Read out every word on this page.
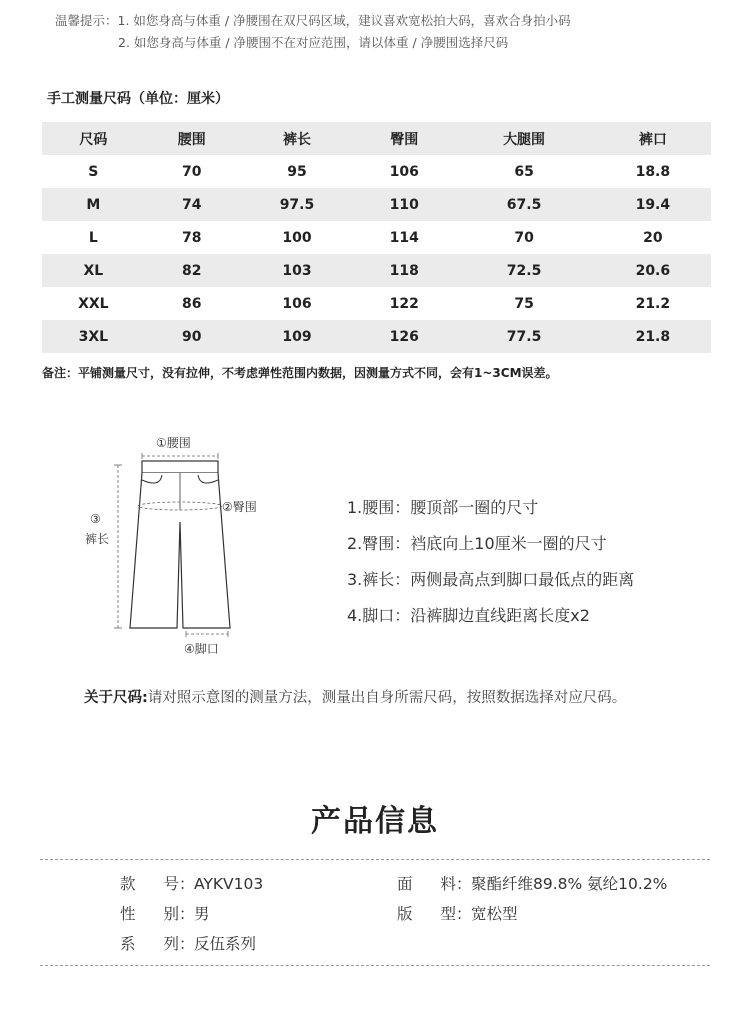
温馨提示：1. 如您身高与体重 / 净腰围在双尺码区域，建议喜欢宽松拍大码，喜欢合身拍小码
2. 如您身高与体重 / 净腰围不在对应范围，请以体重 / 净腰围选择尺码
手工测量尺码（单位：厘米）
尺码	腰围	裤长	臀围	大腿围	裤口
S	70	95	106	65	18.8
M	74	97.5	110	67.5	19.4
L	78	100	114	70	20
XL	82	103	118	72.5	20.6
XXL	86	106	122	75	21.2
3XL	90	109	126	77.5	21.8
备注：平铺测量尺寸，没有拉伸，不考虑弹性范围内数据，因测量方式不同，会有1~3CM误差。
①腰围
②臀围
③
裤长
④脚口
1.腰围：腰顶部一圈的尺寸
2.臀围：裆底向上10厘米一圈的尺寸
3.裤长：两侧最高点到脚口最低点的距离
4.脚口：沿裤脚边直线距离长度x2
关于尺码:请对照示意图的测量方法，测量出自身所需尺码，按照数据选择对应尺码。
产品信息
款 号：AYKV103	面 料：聚酯纤维89.8% 氨纶10.2%
性 别：男	版 型：宽松型
系 列：反伍系列
